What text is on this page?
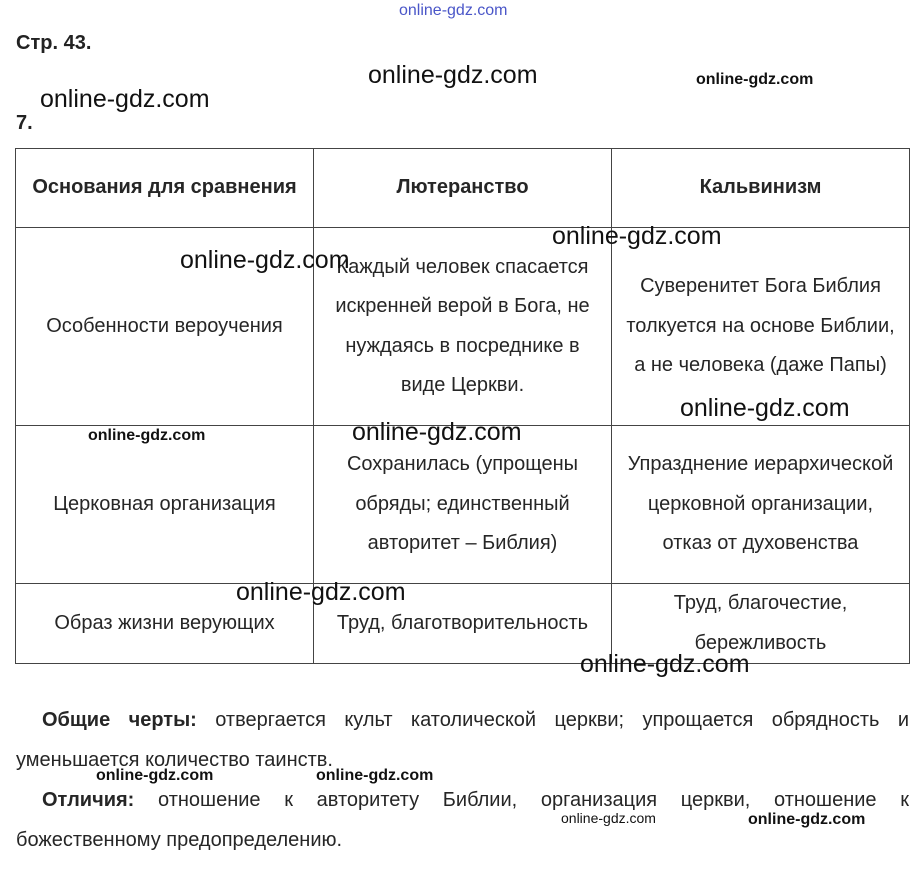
Стр. 43.
7.
Основания для сравнения	Лютеранство	Кальвинизм
Особенности вероучения	Каждый человек спасается искренней верой в Бога, не нуждаясь в посреднике в виде Церкви.	Суверенитет Бога Библия толкуется на основе Библии, а не человека (даже Папы)
Церковная организация	Сохранилась (упрощены обряды; единственный авторитет – Библия)	Упразднение иерархической церковной организации, отказ от духовенства
Образ жизни верующих	Труд, благотворительность	Труд, благочестие, бережливость
Общие черты: отвергается культ католической церкви; упрощается обрядность и уменьшается количество таинств.
Отличия: отношение к авторитету Библии, организация церкви, отношение к божественному предопределению.
online-gdz.com
online-gdz.com	online-gdz.com
online-gdz.com
online-gdz.com
online-gdz.com
online-gdz.com
online-gdz.com	online-gdz.com
online-gdz.com
online-gdz.com
online-gdz.com	online-gdz.com
online-gdz.com	online-gdz.com
